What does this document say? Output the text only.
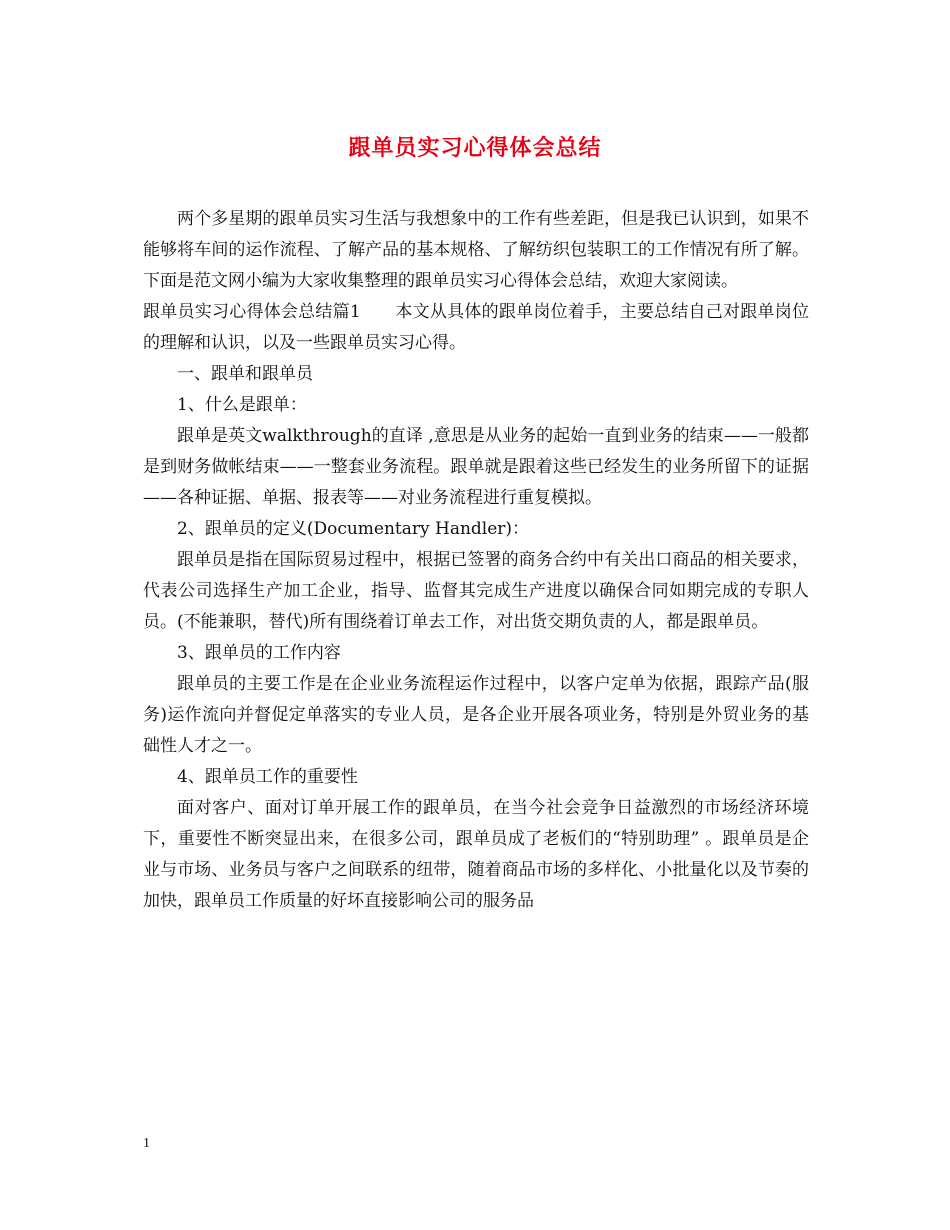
跟单员实习心得体会总结

两个多星期的跟单员实习生活与我想象中的工作有些差距，但是我已认识到，如果不能够将车间的运作流程、了解产品的基本规格、了解纺织包装职工的工作情况有所了解。下面是范文网小编为大家收集整理的跟单员实习心得体会总结，欢迎大家阅读。

跟单员实习心得体会总结篇1　　本文从具体的跟单岗位着手，主要总结自己对跟单岗位的理解和认识，以及一些跟单员实习心得。

一、跟单和跟单员

1、什么是跟单：

跟单是英文walkthrough的直译 ,意思是从业务的起始一直到业务的结束——一般都是到财务做帐结束——一整套业务流程。跟单就是跟着这些已经发生的业务所留下的证据——各种证据、单据、报表等——对业务流程进行重复模拟。

2、跟单员的定义(Documentary Handler)：

跟单员是指在国际贸易过程中，根据已签署的商务合约中有关出口商品的相关要求，代表公司选择生产加工企业，指导、监督其完成生产进度以确保合同如期完成的专职人员。(不能兼职，替代)所有围绕着订单去工作，对出货交期负责的人，都是跟单员。

3、跟单员的工作内容

跟单员的主要工作是在企业业务流程运作过程中，以客户定单为依据，跟踪产品(服务)运作流向并督促定单落实的专业人员，是各企业开展各项业务，特别是外贸业务的基础性人才之一。

4、跟单员工作的重要性

面对客户、面对订单开展工作的跟单员，在当今社会竞争日益激烈的市场经济环境下，重要性不断突显出来，在很多公司，跟单员成了老板们的“特别助理” 。跟单员是企业与市场、业务员与客户之间联系的纽带，随着商品市场的多样化、小批量化以及节奏的加快，跟单员工作质量的好坏直接影响公司的服务品

1
